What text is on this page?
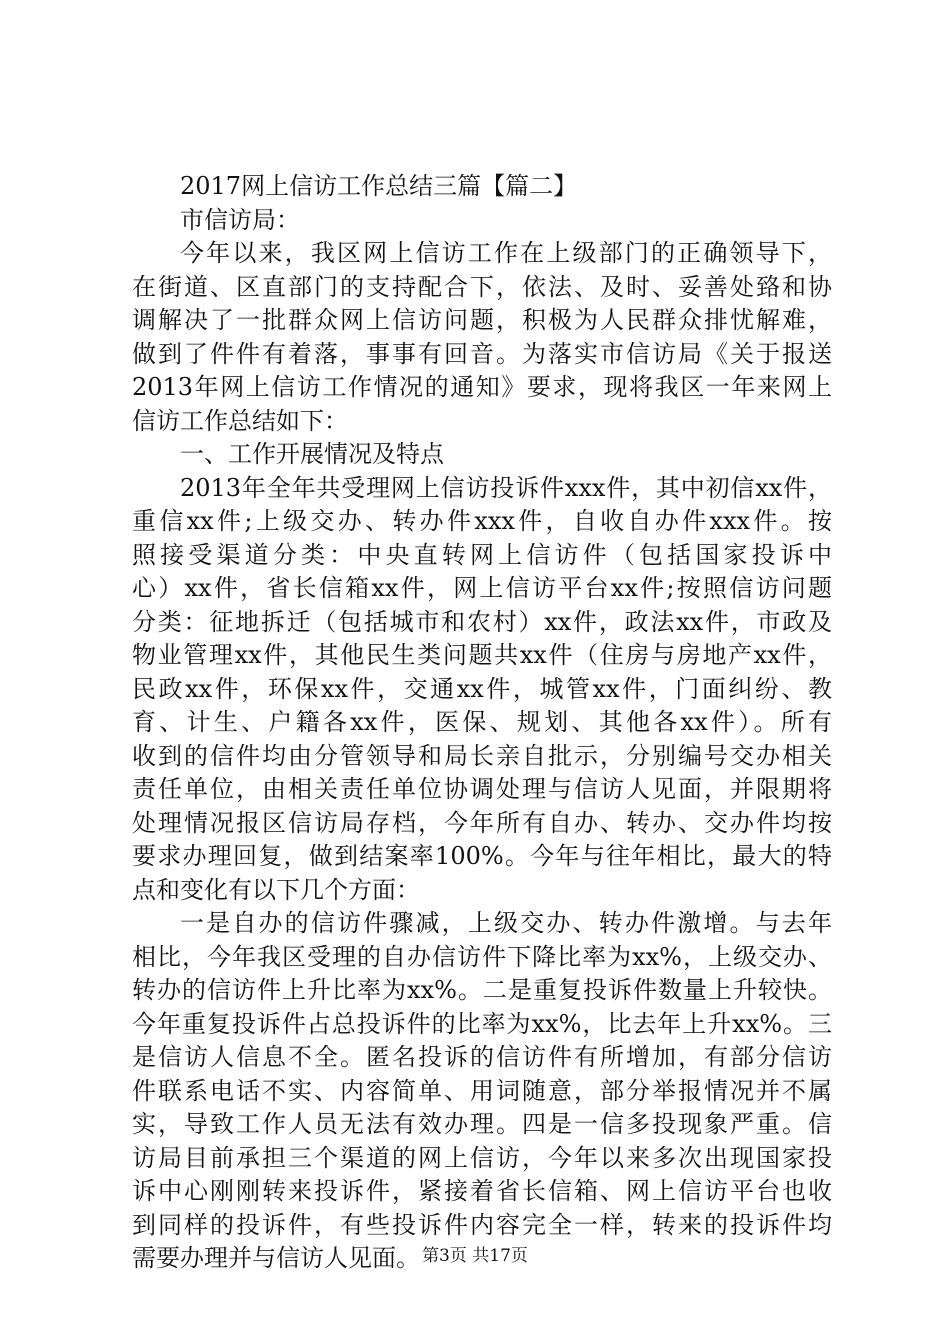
2017网上信访工作总结三篇【篇二】
市信访局：
今年以来，我区网上信访工作在上级部门的正确领导下，
在街道、区直部门的支持配合下，依法、及时、妥善处臵和协
调解决了一批群众网上信访问题，积极为人民群众排忧解难，
做到了件件有着落，事事有回音。为落实市信访局《关于报送
2013年网上信访工作情况的通知》要求，现将我区一年来网上
信访工作总结如下：
一、工作开展情况及特点
2013年全年共受理网上信访投诉件xxx件，其中初信xx件，
重信xx件;上级交办、转办件xxx件，自收自办件xxx件。按
照接受渠道分类：中央直转网上信访件（包括国家投诉中
心）xx件，省长信箱xx件，网上信访平台xx件;按照信访问题
分类：征地拆迁（包括城市和农村）xx件，政法xx件，市政及
物业管理xx件，其他民生类问题共xx件（住房与房地产xx件，
民政xx件，环保xx件，交通xx件，城管xx件，门面纠纷、教
育、计生、户籍各xx件，医保、规划、其他各xx件）。所有
收到的信件均由分管领导和局长亲自批示，分别编号交办相关
责任单位，由相关责任单位协调处理与信访人见面，并限期将
处理情况报区信访局存档，今年所有自办、转办、交办件均按
要求办理回复，做到结案率100%。今年与往年相比，最大的特
点和变化有以下几个方面：
一是自办的信访件骤减，上级交办、转办件激增。与去年
相比，今年我区受理的自办信访件下降比率为xx%，上级交办、
转办的信访件上升比率为xx%。二是重复投诉件数量上升较快。
今年重复投诉件占总投诉件的比率为xx%，比去年上升xx%。三
是信访人信息不全。匿名投诉的信访件有所增加，有部分信访
件联系电话不实、内容简单、用词随意，部分举报情况并不属
实，导致工作人员无法有效办理。四是一信多投现象严重。信
访局目前承担三个渠道的网上信访，今年以来多次出现国家投
诉中心刚刚转来投诉件，紧接着省长信箱、网上信访平台也收
到同样的投诉件，有些投诉件内容完全一样，转来的投诉件均
需要办理并与信访人见面。 第3页 共17页
